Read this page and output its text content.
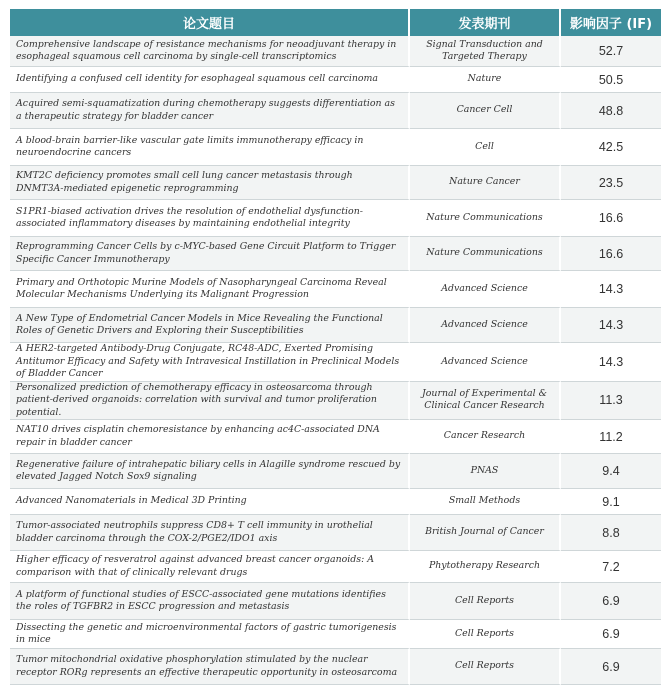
论文题目	发表期刊	影响因子 (IF)
Comprehensive landscape of resistance mechanisms for neoadjuvant therapy in esophageal squamous cell carcinoma by single-cell transcriptomics	Signal Transduction and Targeted Therapy	52.7
Identifying a confused cell identity for esophageal squamous cell carcinoma	Nature	50.5
Acquired semi-squamatization during chemotherapy suggests differentiation as a therapeutic strategy for bladder cancer	Cancer Cell	48.8
A blood-brain barrier-like vascular gate limits immunotherapy efficacy in neuroendocrine cancers	Cell	42.5
KMT2C deficiency promotes small cell lung cancer metastasis through DNMT3A-mediated epigenetic reprogramming	Nature Cancer	23.5
S1PR1-biased activation drives the resolution of endothelial dysfunction-associated inflammatory diseases by maintaining endothelial integrity	Nature Communications	16.6
Reprogramming Cancer Cells by c-MYC-based Gene Circuit Platform to Trigger Specific Cancer Immunotherapy	Nature Communications	16.6
Primary and Orthotopic Murine Models of Nasopharyngeal Carcinoma Reveal Molecular Mechanisms Underlying its Malignant Progression	Advanced Science	14.3
A New Type of Endometrial Cancer Models in Mice Revealing the Functional Roles of Genetic Drivers and Exploring their Susceptibilities	Advanced Science	14.3
A HER2-targeted Antibody-Drug Conjugate, RC48-ADC, Exerted Promising Antitumor Efficacy and Safety with Intravesical Instillation in Preclinical Models of Bladder Cancer	Advanced Science	14.3
Personalized prediction of chemotherapy efficacy in osteosarcoma through patient-derived organoids: correlation with survival and tumor proliferation potential.	Journal of Experimental & Clinical Cancer Research	11.3
NAT10 drives cisplatin chemoresistance by enhancing ac4C-associated DNA repair in bladder cancer	Cancer Research	11.2
Regenerative failure of intrahepatic biliary cells in Alagille syndrome rescued by elevated Jagged Notch Sox9 signaling	PNAS	9.4
Advanced Nanomaterials in Medical 3D Printing	Small Methods	9.1
Tumor-associated neutrophils suppress CD8+ T cell immunity in urothelial bladder carcinoma through the COX-2/PGE2/IDO1 axis	British Journal of Cancer	8.8
Higher efficacy of resveratrol against advanced breast cancer organoids: A comparison with that of clinically relevant drugs	Phytotherapy Research	7.2
A platform of functional studies of ESCC-associated gene mutations identifies the roles of TGFBR2 in ESCC progression and metastasis	Cell Reports	6.9
Dissecting the genetic and microenvironmental factors of gastric tumorigenesis in mice	Cell Reports	6.9
Tumor mitochondrial oxidative phosphorylation stimulated by the nuclear receptor RORg represents an effective therapeutic opportunity in osteosarcoma	Cell Reports	6.9
